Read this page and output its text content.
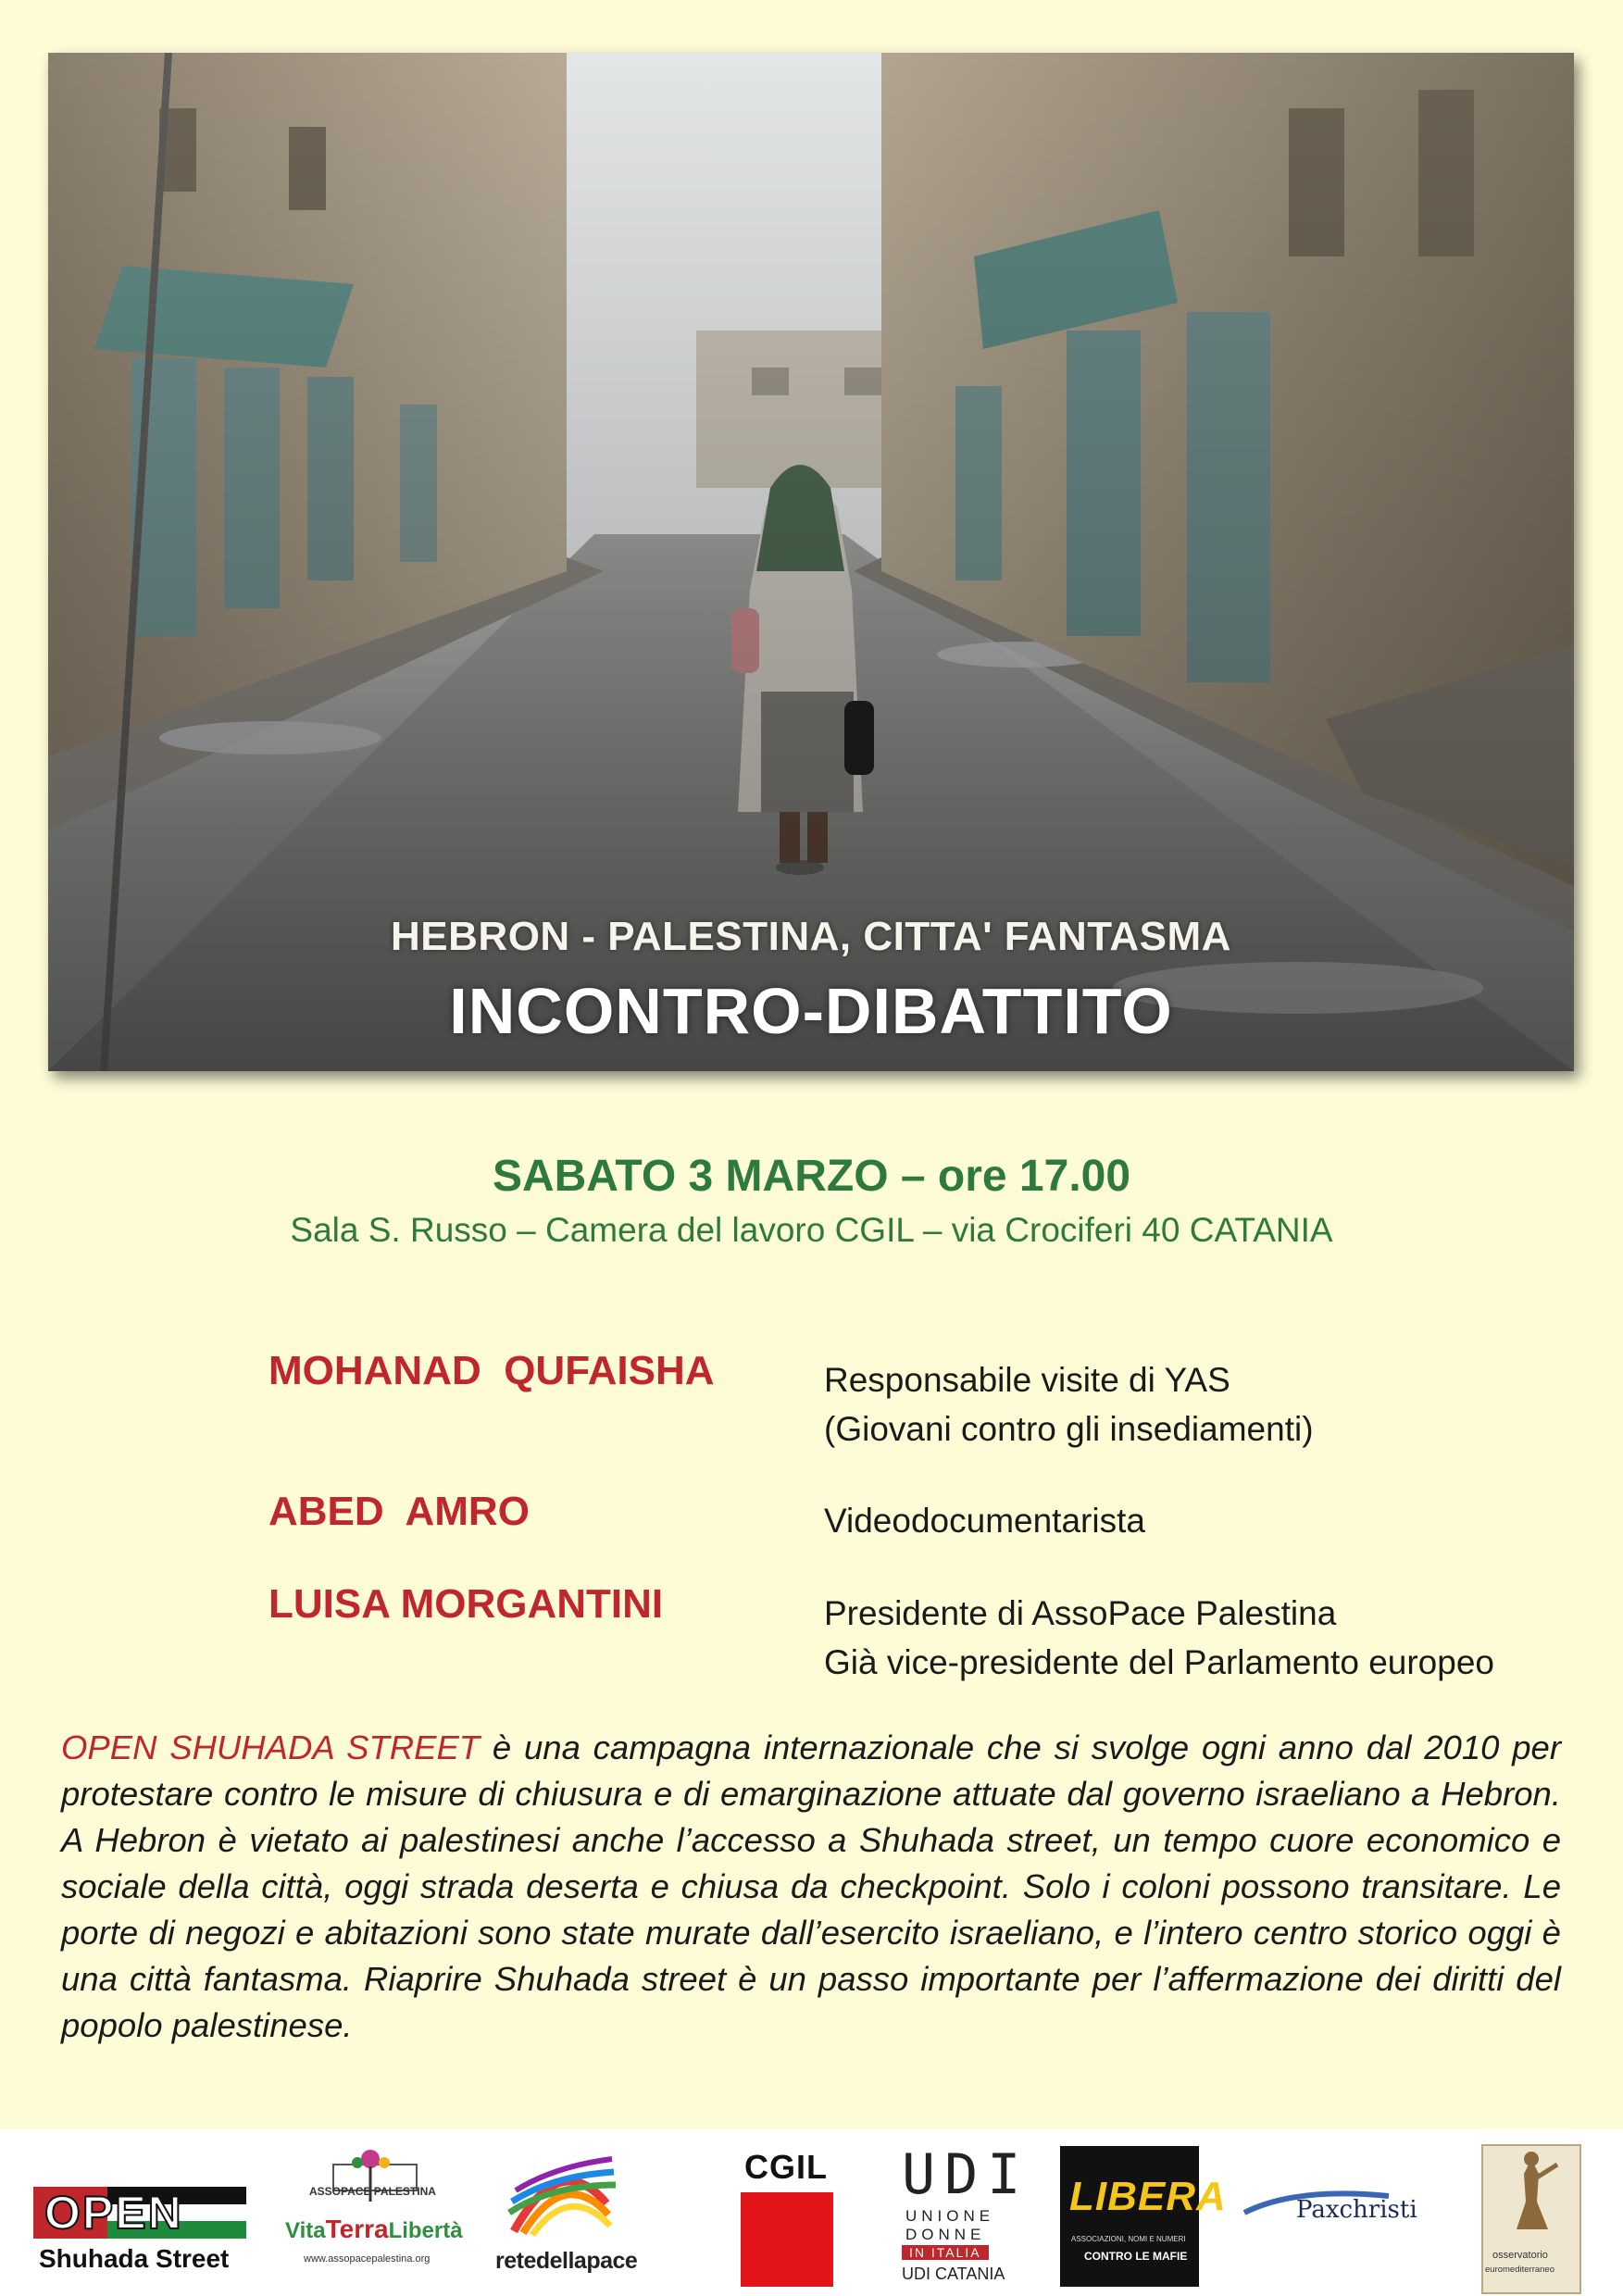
HEBRON - PALESTINA, CITTA' FANTASMA
INCONTRO-DIBATTITO
SABATO 3 MARZO – ore 17.00
Sala S. Russo – Camera del lavoro CGIL – via Crociferi 40 CATANIA
MOHANAD  QUFAISHA	Responsabile visite di YAS
(Giovani contro gli insediamenti)
ABED  AMRO	Videodocumentarista
LUISA MORGANTINI	Presidente di AssoPace Palestina
Già vice-presidente del Parlamento europeo
OPEN SHUHADA STREET è una campagna internazionale che si svolge ogni anno dal 2010 per protestare contro le misure di chiusura e di emarginazione attuate dal governo israeliano a Hebron. A Hebron è vietato ai palestinesi anche l’accesso a Shuhada street, un tempo cuore economico e sociale della città, oggi strada deserta e chiusa da checkpoint. Solo i coloni possono transitare. Le porte di negozi e abitazioni sono state murate dall’esercito israeliano, e l’intero centro storico oggi è una città fantasma. Riaprire Shuhada street è un passo importante per l’affermazione dei diritti del popolo palestinese.
OPEN
Shuhada Street
ASSOPACE PALESTINA
VitaTerraLibertà
www.assopacepalestina.org	retedellapace
CGIL UDI
UNIONE
DONNE
IN ITALIA
UDI CATANIA
LIBERA
ASSOCIAZIONI, NOMI E NUMERI
CONTRO LE MAFIE
Paxchristi
osservatorio
euromediterraneo
